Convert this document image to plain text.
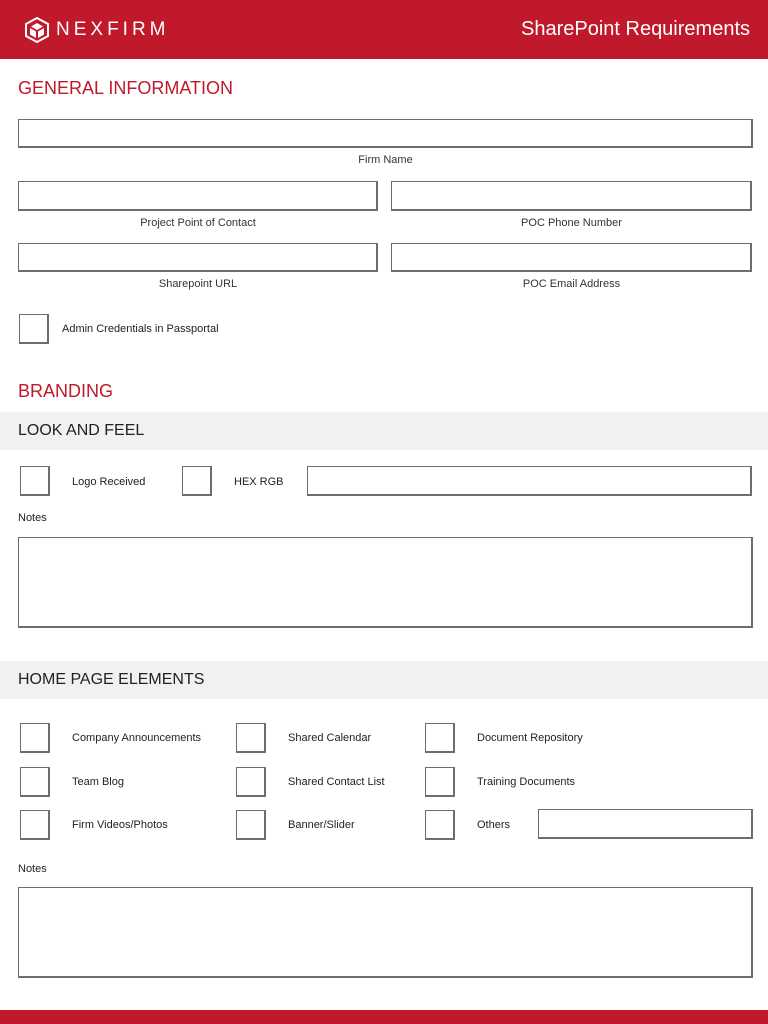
NEXFIRM	SharePoint Requirements
GENERAL INFORMATION
Firm Name
Project Point of Contact	POC Phone Number
Sharepoint URL	POC Email Address
Admin Credentials in Passportal
BRANDING
LOOK AND FEEL
Logo Received	HEX RGB
Notes
HOME PAGE ELEMENTS
Company Announcements	Shared Calendar	Document Repository
Team Blog	Shared Contact List	Training Documents
Firm Videos/Photos	Banner/Slider	Others
Notes
